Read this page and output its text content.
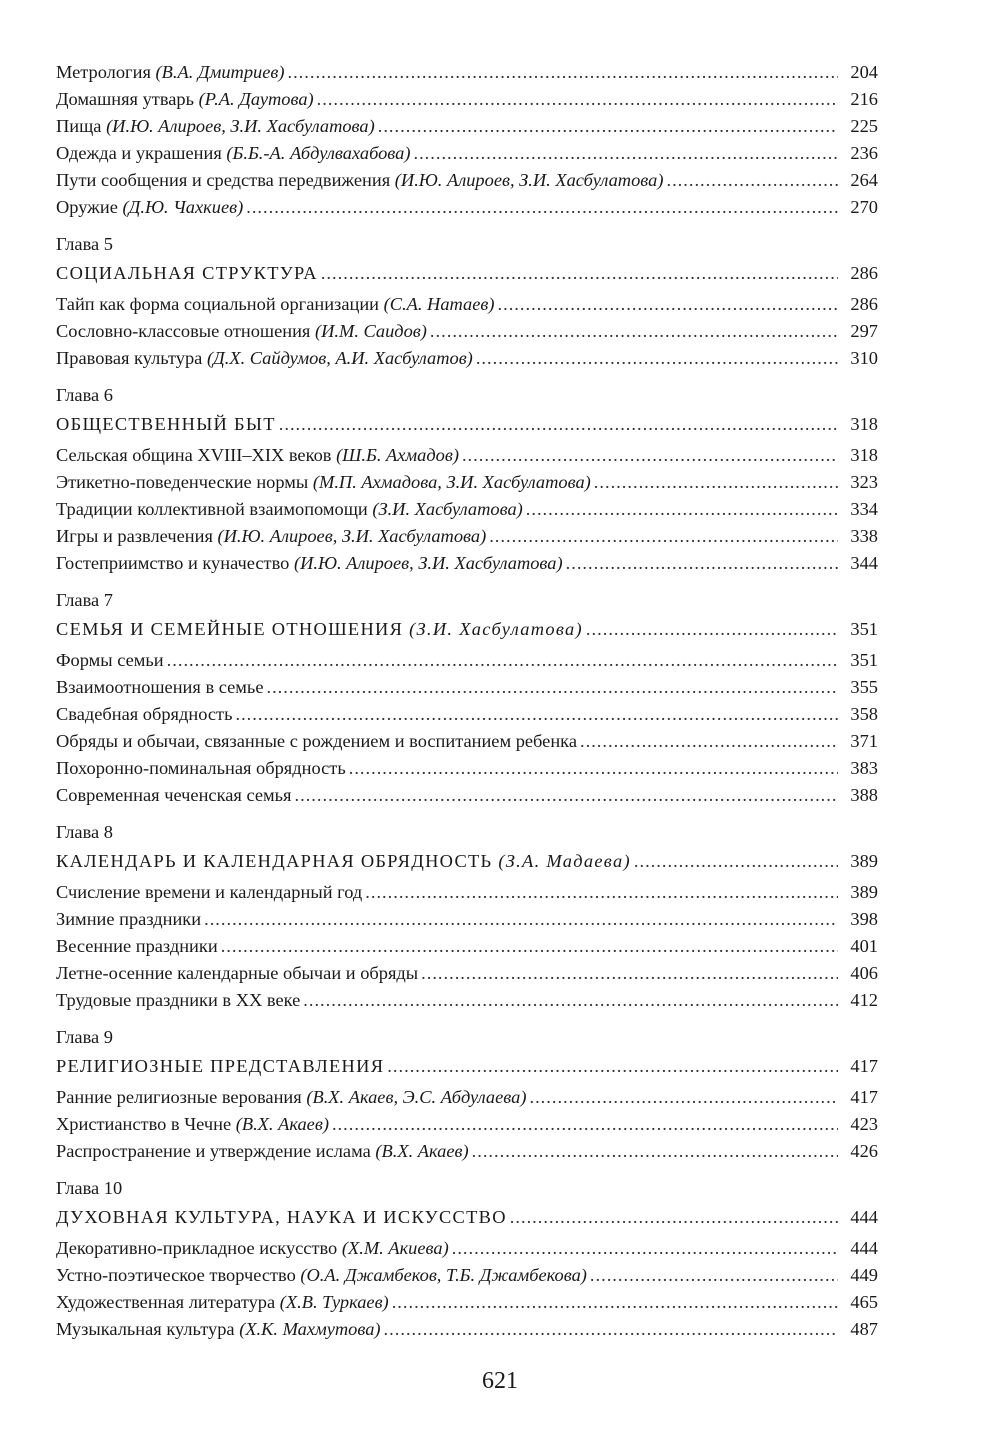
Метрология (В.А. Дмитриев) .....	204
Домашняя утварь (Р.А. Даутова) .....	216
Пища (И.Ю. Алироев, З.И. Хасбулатова) .....	225
Одежда и украшения (Б.Б.-А. Абдулвахабова) .....	236
Пути сообщения и средства передвижения (И.Ю. Алироев, З.И. Хасбулатова) .....	264
Оружие (Д.Ю. Чахкиев) .....	270
Глава 5
СОЦИАЛЬНАЯ СТРУКТУРА .....	286
Тайп как форма социальной организации (С.А. Натаев) .....	286
Сословно-классовые отношения (И.М. Саидов) .....	297
Правовая культура (Д.Х. Сайдумов, А.И. Хасбулатов) .....	310
Глава 6
ОБЩЕСТВЕННЫЙ БЫТ .....	318
Сельская община XVIII–XIX веков (Ш.Б. Ахмадов) .....	318
Этикетно-поведенческие нормы (М.П. Ахмадова, З.И. Хасбулатова) .....	323
Традиции коллективной взаимопомощи (З.И. Хасбулатова) .....	334
Игры и развлечения (И.Ю. Алироев, З.И. Хасбулатова) .....	338
Гостеприимство и куначество (И.Ю. Алироев, З.И. Хасбулатова) .....	344
Глава 7
СЕМЬЯ И СЕМЕЙНЫЕ ОТНОШЕНИЯ (З.И. Хасбулатова) .....	351
Формы семьи .....	351
Взаимоотношения в семье .....	355
Свадебная обрядность .....	358
Обряды и обычаи, связанные с рождением и воспитанием ребенка .....	371
Похоронно-поминальная обрядность .....	383
Современная чеченская семья .....	388
Глава 8
КАЛЕНДАРЬ И КАЛЕНДАРНАЯ ОБРЯДНОСТЬ (З.А. Мадаева) .....	389
Счисление времени и календарный год .....	389
Зимние праздники .....	398
Весенние праздники .....	401
Летне-осенние календарные обычаи и обряды .....	406
Трудовые праздники в XX веке .....	412
Глава 9
РЕЛИГИОЗНЫЕ ПРЕДСТАВЛЕНИЯ .....	417
Ранние религиозные верования (В.Х. Акаев, Э.С. Абдулаева) .....	417
Христианство в Чечне (В.Х. Акаев) .....	423
Распространение и утверждение ислама (В.Х. Акаев) .....	426
Глава 10
ДУХОВНАЯ КУЛЬТУРА, НАУКА И ИСКУССТВО .....	444
Декоративно-прикладное искусство (Х.М. Акиева) .....	444
Устно-поэтическое творчество (О.А. Джамбеков, Т.Б. Джамбекова) .....	449
Художественная литература (Х.В. Туркаев) .....	465
Музыкальная культура (Х.К. Махмутова) .....	487
621
